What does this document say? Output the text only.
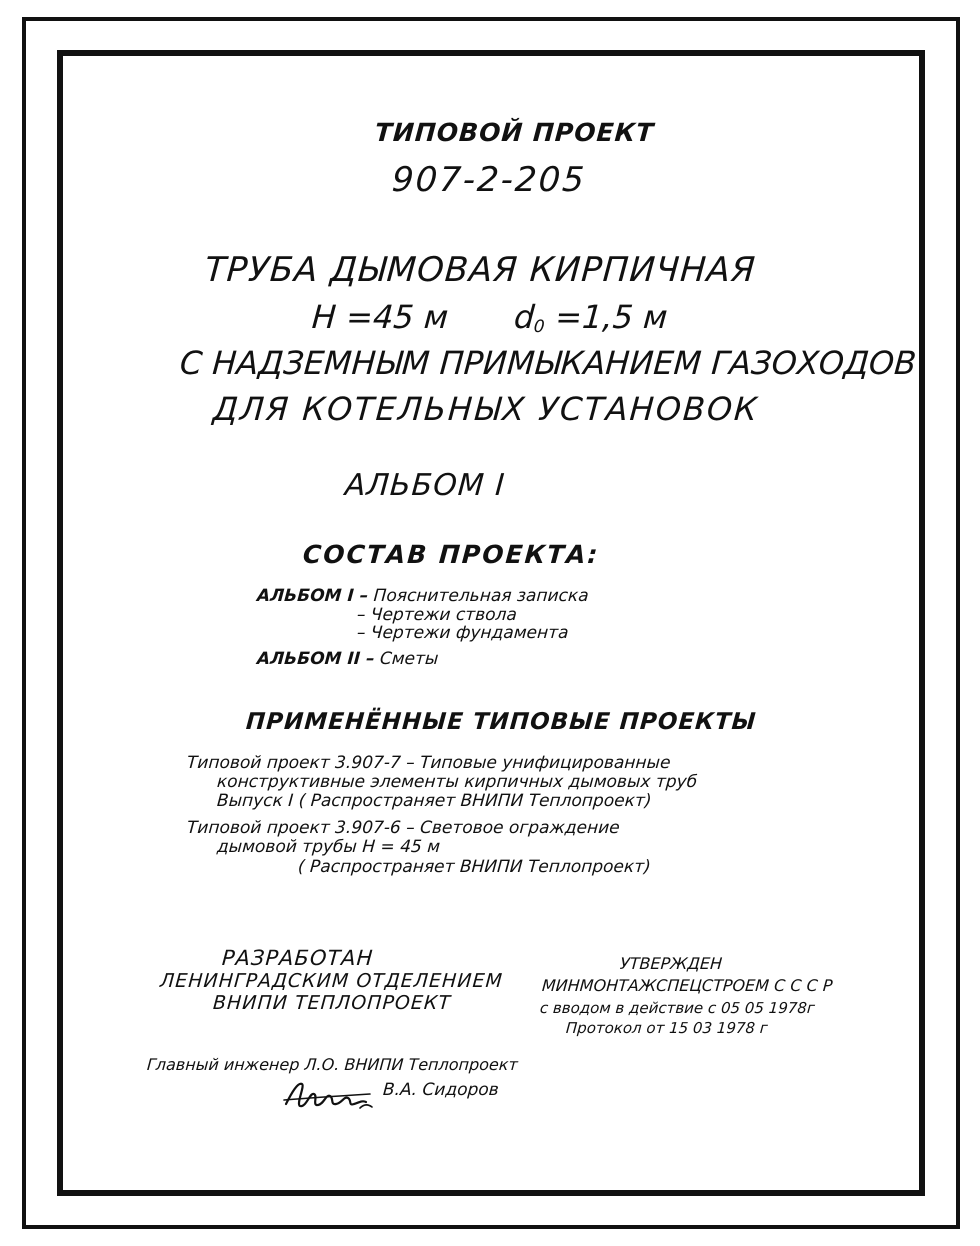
ТИПОВОЙ ПРОЕКТ
907-2-205
ТРУБА ДЫМОВАЯ КИРПИЧНАЯ
Н =45 м $d_0 =1,5$ м
С НАДЗЕМНЫМ ПРИМЫКАНИЕМ ГАЗОХОДОВ
ДЛЯ КОТЕЛЬНЫХ УСТАНОВОК
АЛЬБОМ I
СОСТАВ ПРОЕКТА:
АЛЬБОМ I – Пояснительная записка
– Чертежи ствола
– Чертежи фундамента
АЛЬБОМ II – Сметы
ПРИМЕНЁННЫЕ ТИПОВЫЕ ПРОЕКТЫ
Типовой проект 3.907-7 – Типовые унифицированные
конструктивные элементы кирпичных дымовых труб
Выпуск I ( Распространяет ВНИПИ Теплопроект)
Типовой проект 3.907-6 – Световое ограждение
дымовой трубы Н = 45 м
( Распространяет ВНИПИ Теплопроект)
РАЗРАБОТАН
ЛЕНИНГРАДСКИМ ОТДЕЛЕНИЕМ
ВНИПИ ТЕПЛОПРОЕКТ
УТВЕРЖДЕН
МИНМОНТАЖСПЕЦСТРОЕМ С С С Р
с вводом в действие с 05 05 1978г
Протокол от 15 03 1978 г
Главный инженер Л.О. ВНИПИ Теплопроект
В.А. Сидоров
